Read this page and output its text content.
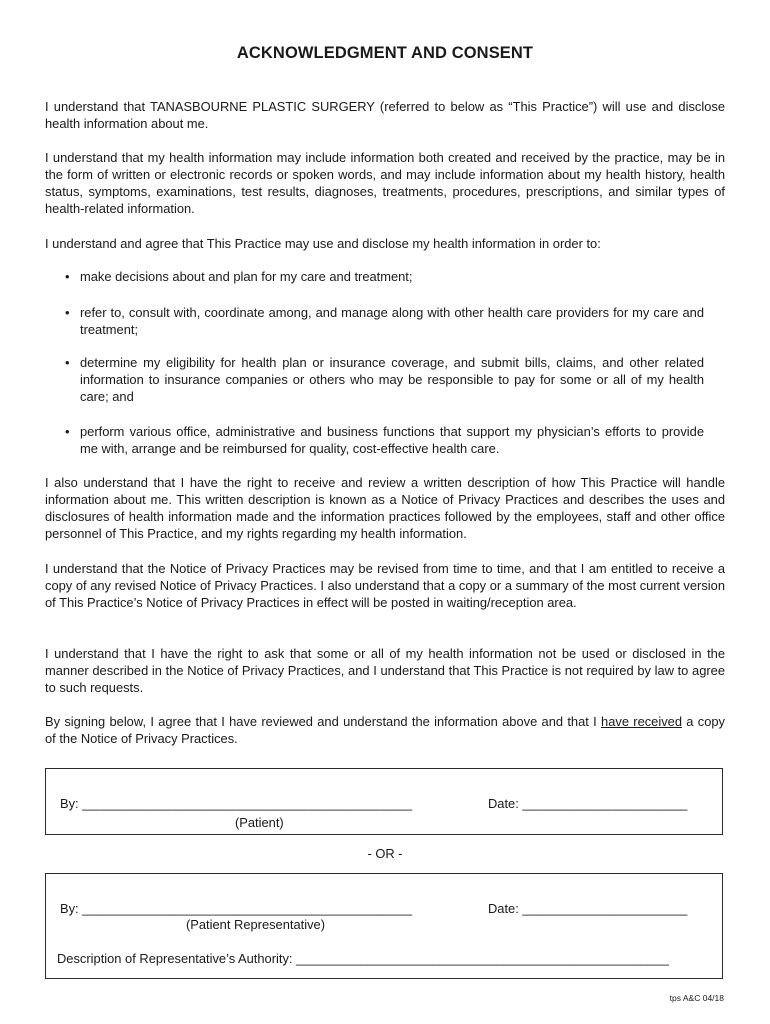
ACKNOWLEDGMENT AND CONSENT
I understand that TANASBOURNE PLASTIC SURGERY (referred to below as “This Practice”) will use and disclose health information about me.
I understand that my health information may include information both created and received by the practice, may be in the form of written or electronic records or spoken words, and may include information about my health history, health status, symptoms, examinations, test results, diagnoses, treatments, procedures, prescriptions, and similar types of health-related information.
I understand and agree that This Practice may use and disclose my health information in order to:
• make decisions about and plan for my care and treatment;
• refer to, consult with, coordinate among, and manage along with other health care providers for my care and treatment;
• determine my eligibility for health plan or insurance coverage, and submit bills, claims, and other related information to insurance companies or others who may be responsible to pay for some or all of my health care; and
• perform various office, administrative and business functions that support my physician’s efforts to provide me with, arrange and be reimbursed for quality, cost-effective health care.
I also understand that I have the right to receive and review a written description of how This Practice will handle information about me. This written description is known as a Notice of Privacy Practices and describes the uses and disclosures of health information made and the information practices followed by the employees, staff and other office personnel of This Practice, and my rights regarding my health information.
I understand that the Notice of Privacy Practices may be revised from time to time, and that I am entitled to receive a copy of any revised Notice of Privacy Practices. I also understand that a copy or a summary of the most current version of This Practice’s Notice of Privacy Practices in effect will be posted in waiting/reception area.
I understand that I have the right to ask that some or all of my health information not be used or disclosed in the manner described in the Notice of Privacy Practices, and I understand that This Practice is not required by law to agree to such requests.
By signing below, I agree that I have reviewed and understand the information above and that I have received a copy of the Notice of Privacy Practices.
By: ______________________________________________	Date: _______________________
(Patient)
- OR -
By: ______________________________________________	Date: _______________________
(Patient Representative)
Description of Representative’s Authority: ____________________________________________________
tps A&C 04/18
